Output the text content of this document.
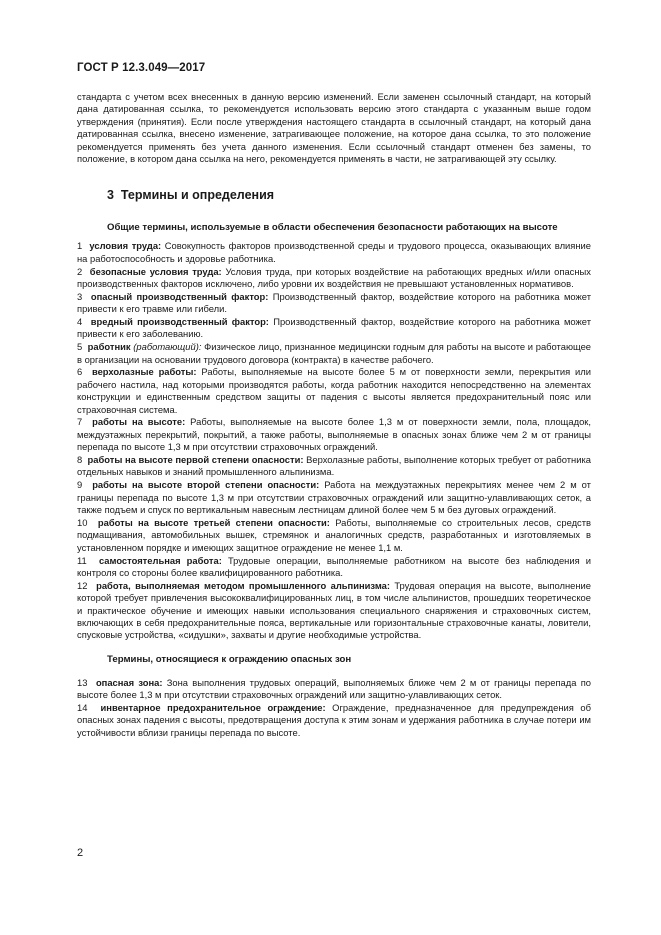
ГОСТ Р 12.3.049—2017

стандарта с учетом всех внесенных в данную версию изменений. Если заменен ссылочный стандарт, на который дана датированная ссылка, то рекомендуется использовать версию этого стандарта с указанным выше годом утверждения (принятия). Если после утверждения настоящего стандарта в ссылочный стандарт, на который дана датированная ссылка, внесено изменение, затрагивающее положение, на которое дана ссылка, то это положение рекомендуется применять без учета данного изменения. Если ссылочный стандарт отменен без замены, то положение, в котором дана ссылка на него, рекомендуется применять в части, не затрагивающей эту ссылку.

3 Термины и определения

Общие термины, используемые в области обеспечения безопасности работающих на высоте

1 условия труда: Совокупность факторов производственной среды и трудового процесса, оказывающих влияние на работоспособность и здоровье работника.

2 безопасные условия труда: Условия труда, при которых воздействие на работающих вредных и/или опасных производственных факторов исключено, либо уровни их воздействия не превышают установленных нормативов.

3 опасный производственный фактор: Производственный фактор, воздействие которого на работника может привести к его травме или гибели.

4 вредный производственный фактор: Производственный фактор, воздействие которого на работника может привести к его заболеванию.

5 работник (работающий): Физическое лицо, признанное медицински годным для работы на высоте и работающее в организации на основании трудового договора (контракта) в качестве рабочего.

6 верхолазные работы: Работы, выполняемые на высоте более 5 м от поверхности земли, перекрытия или рабочего настила, над которыми производятся работы, когда работник находится непосредственно на элементах конструкции и единственным средством защиты от падения с высоты является предохранительный пояс или страховочная система.

7 работы на высоте: Работы, выполняемые на высоте более 1,3 м от поверхности земли, пола, площадок, междуэтажных перекрытий, покрытий, а также работы, выполняемые в опасных зонах ближе чем 2 м от границы перепада по высоте 1,3 м при отсутствии страховочных ограждений.

8 работы на высоте первой степени опасности: Верхолазные работы, выполнение которых требует от работника отдельных навыков и знаний промышленного альпинизма.

9 работы на высоте второй степени опасности: Работа на междуэтажных перекрытиях менее чем 2 м от границы перепада по высоте 1,3 м при отсутствии страховочных ограждений или защитно-улавливающих сеток, а также подъем и спуск по вертикальным навесным лестницам длиной более чем 5 м без дуговых ограждений.

10 работы на высоте третьей степени опасности: Работы, выполняемые со строительных лесов, средств подмащивания, автомобильных вышек, стремянок и аналогичных средств, разработанных и изготовляемых в установленном порядке и имеющих защитное ограждение не менее 1,1 м.

11 самостоятельная работа: Трудовые операции, выполняемые работником на высоте без наблюдения и контроля со стороны более квалифицированного работника.

12 работа, выполняемая методом промышленного альпинизма: Трудовая операция на высоте, выполнение которой требует привлечения высококвалифицированных лиц, в том числе альпинистов, прошедших теоретическое и практическое обучение и имеющих навыки использования специального снаряжения и страховочных систем, включающих в себя предохранительные пояса, вертикальные или горизонтальные страховочные канаты, ловители, спусковые устройства, «сидушки», захваты и другие необходимые устройства.

Термины, относящиеся к ограждению опасных зон

13 опасная зона: Зона выполнения трудовых операций, выполняемых ближе чем 2 м от границы перепада по высоте более 1,3 м при отсутствии страховочных ограждений или защитно-улавливающих сеток.

14 инвентарное предохранительное ограждение: Ограждение, предназначенное для предупреждения об опасных зонах падения с высоты, предотвращения доступа к этим зонам и удержания работника в случае потери им устойчивости вблизи границы перепада по высоте.

2
